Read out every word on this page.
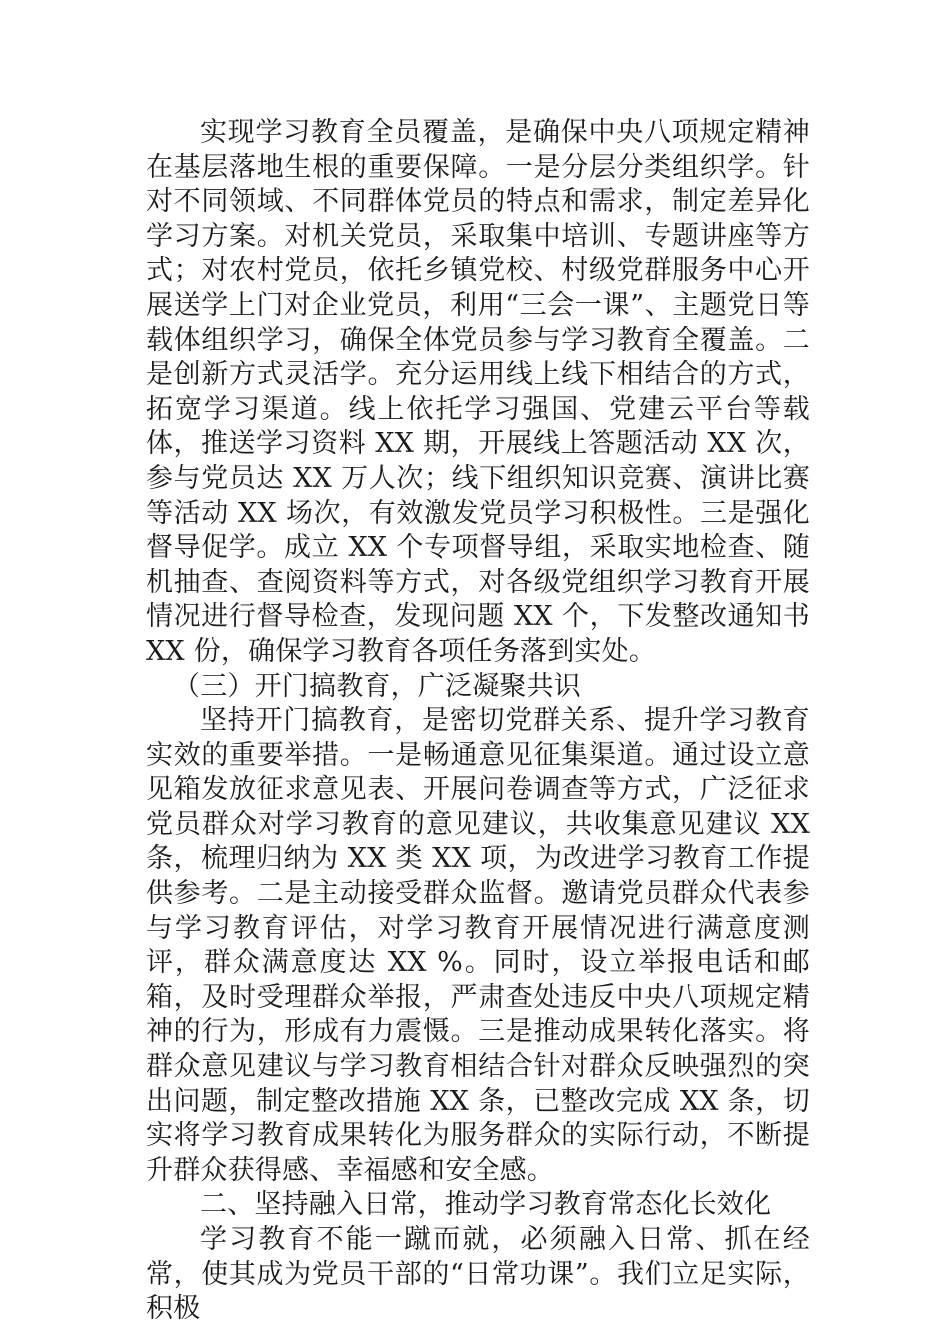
实现学习教育全员覆盖，是确保中央八项规定精神在基层落地生根的重要保障。一是分层分类组织学。针对不同领域、不同群体党员的特点和需求，制定差异化学习方案。对机关党员，采取集中培训、专题讲座等方式；对农村党员，依托乡镇党校、村级党群服务中心开展送学上门对企业党员，利用“三会一课”、主题党日等载体组织学习，确保全体党员参与学习教育全覆盖。二是创新方式灵活学。充分运用线上线下相结合的方式，拓宽学习渠道。线上依托学习强国、党建云平台等载体，推送学习资料 XX 期，开展线上答题活动 XX 次，参与党员达 XX 万人次；线下组织知识竞赛、演讲比赛等活动 XX 场次，有效激发党员学习积极性。三是强化督导促学。成立 XX 个专项督导组，采取实地检查、随机抽查、查阅资料等方式，对各级党组织学习教育开展情况进行督导检查，发现问题 XX 个，下发整改通知书 XX 份，确保学习教育各项任务落到实处。

（三）开门搞教育，广泛凝聚共识

坚持开门搞教育，是密切党群关系、提升学习教育实效的重要举措。一是畅通意见征集渠道。通过设立意见箱发放征求意见表、开展问卷调查等方式，广泛征求党员群众对学习教育的意见建议，共收集意见建议 XX 条，梳理归纳为 XX 类 XX 项，为改进学习教育工作提供参考。二是主动接受群众监督。邀请党员群众代表参与学习教育评估，对学习教育开展情况进行满意度测评，群众满意度达 XX %。同时，设立举报电话和邮箱，及时受理群众举报，严肃查处违反中央八项规定精神的行为，形成有力震慑。三是推动成果转化落实。将群众意见建议与学习教育相结合针对群众反映强烈的突出问题，制定整改措施 XX 条，已整改完成 XX 条，切实将学习教育成果转化为服务群众的实际行动，不断提升群众获得感、幸福感和安全感。

二、坚持融入日常，推动学习教育常态化长效化

学习教育不能一蹴而就，必须融入日常、抓在经常，使其成为党员干部的“日常功课”。我们立足实际，积极
